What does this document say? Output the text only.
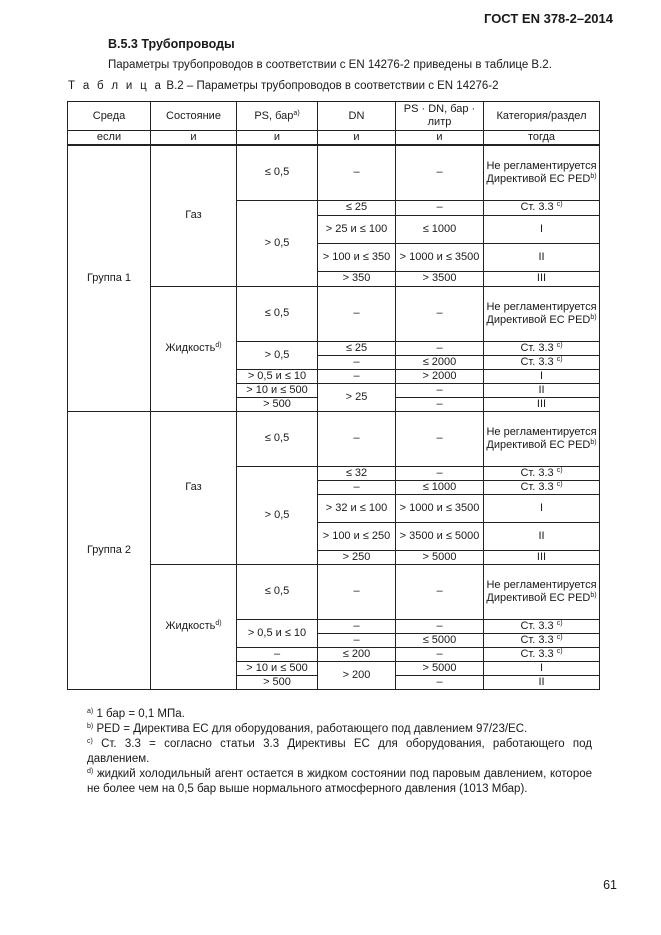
ГОСТ EN 378-2–2014
В.5.3 Трубопроводы
Параметры трубопроводов в соответствии с EN 14276-2 приведены в таблице В.2.
Т а б л и ц а В.2 – Параметры трубопроводов в соответствии с EN 14276-2
Среда	Состояние	PS, бар$^{a)}$	DN	PS · DN, бар · литр	Категория/раздел
если	и	и	и	и	тогда
Группа 1	Газ	≤ 0,5	–	–	Не регламентируется Директивой ЕС PED$^{b)}$
		> 0,5	≤ 25	–	Ст. 3.3 $^{c)}$
			> 25 и ≤ 100	≤ 1000	I
			> 100 и ≤ 350	> 1000 и ≤ 3500	II
			> 350	> 3500	III

	Жидкость$^{d)}$	≤ 0,5	–	–	Не регламентируется Директивой ЕС PED$^{b)}$
		> 0,5	≤ 25	–	Ст. 3.3 $^{c)}$
			–	≤ 2000	Ст. 3.3 $^{c)}$
		> 0,5 и ≤ 10	–	> 2000	I
		> 10 и ≤ 500	> 25	–	II
		> 500		–	III

Группа 2	Газ	≤ 0,5	–	–	Не регламентируется Директивой ЕС PED$^{b)}$
		> 0,5	≤ 32	–	Ст. 3.3 $^{c)}$
			–	≤ 1000	Ст. 3.3 $^{c)}$
			> 32 и ≤ 100	> 1000 и ≤ 3500	I
			> 100 и ≤ 250	> 3500 и ≤ 5000	II
			> 250	> 5000	III

	Жидкость$^{d)}$	≤ 0,5	–	–	Не регламентируется Директивой ЕС PED$^{b)}$
		> 0,5 и ≤ 10	–	–	Ст. 3.3 $^{c)}$
			–	≤ 5000	Ст. 3.3 $^{c)}$
		–	≤ 200	–	Ст. 3.3 $^{c)}$
		> 10 и ≤ 500	> 200	> 5000	I
		> 500		–	II

$^{a)}$ 1 бар = 0,1 МПа.

$^{b)}$ PED = Директива ЕС для оборудования, работающего под давлением 97/23/ЕС.

$^{c)}$ Ст. 3.3 = согласно статьи 3.3 Директивы ЕС для оборудования, работающего под давлением.

$^{d)}$ жидкий холодильный агент остается в жидком состоянии под паровым давлением, которое не более чем на 0,5 бар выше нормального атмосферного давления (1013 Мбар).

61
